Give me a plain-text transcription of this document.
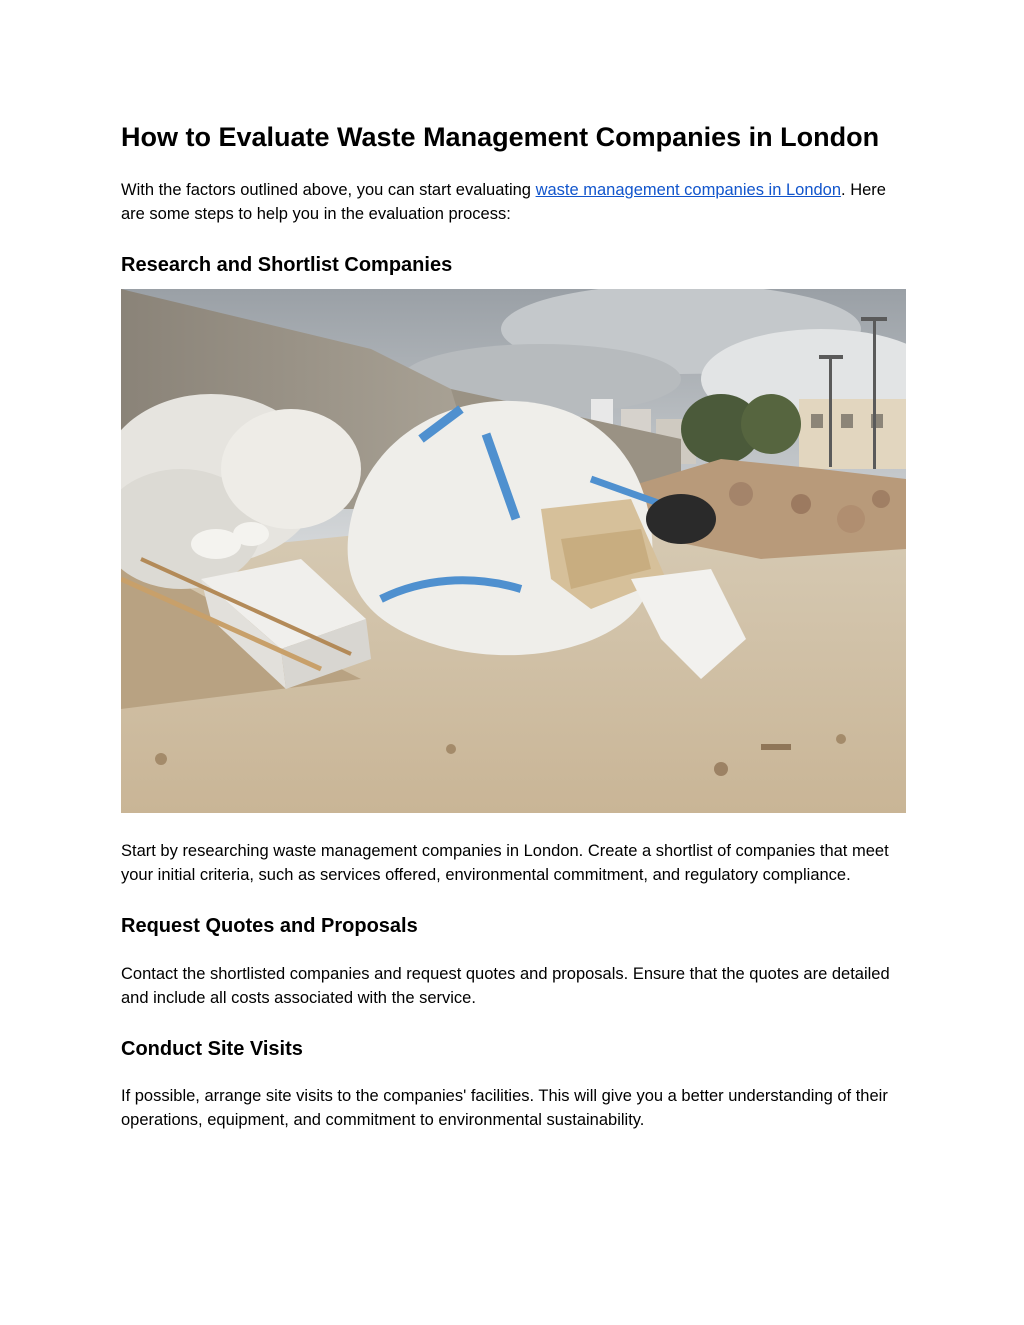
How to Evaluate Waste Management Companies in London

With the factors outlined above, you can start evaluating waste management companies in London. Here are some steps to help you in the evaluation process:

Research and Shortlist Companies

Start by researching waste management companies in London. Create a shortlist of companies that meet your initial criteria, such as services offered, environmental commitment, and regulatory compliance.

Request Quotes and Proposals

Contact the shortlisted companies and request quotes and proposals. Ensure that the quotes are detailed and include all costs associated with the service.

Conduct Site Visits

If possible, arrange site visits to the companies' facilities. This will give you a better understanding of their operations, equipment, and commitment to environmental sustainability.
